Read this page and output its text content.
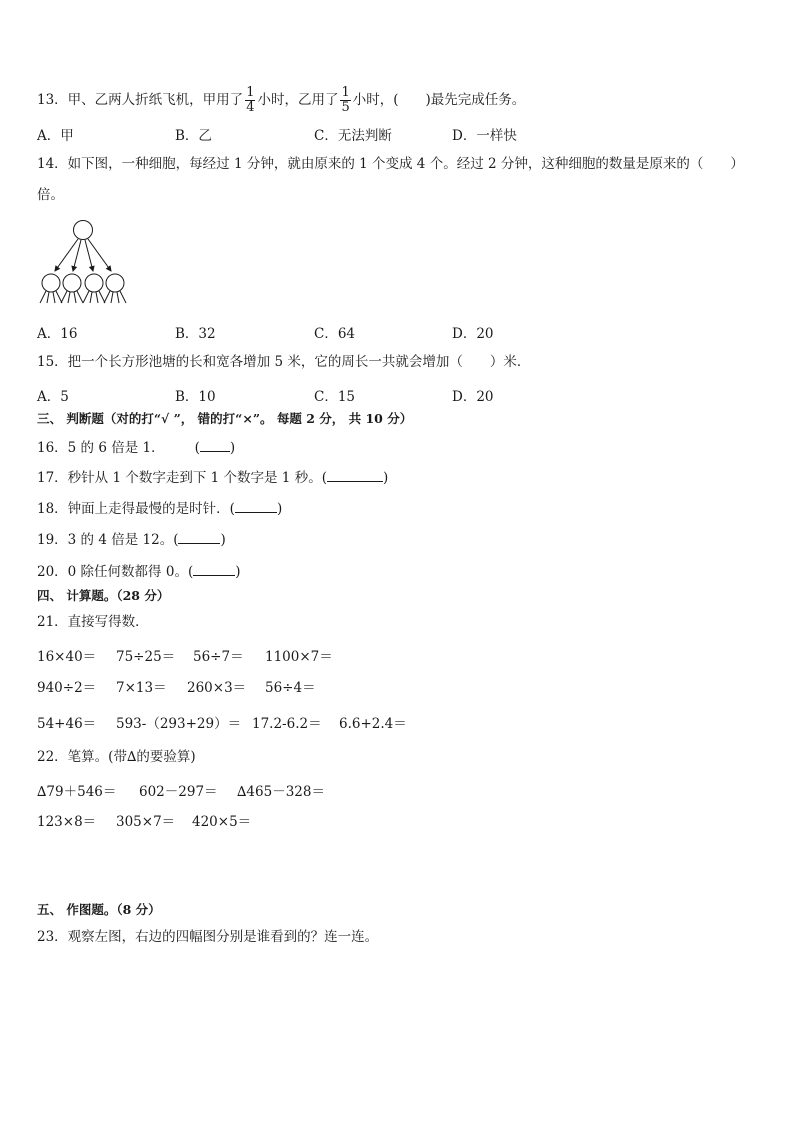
13．甲、乙两人折纸飞机，甲用了 $\frac{1}{4}$ 小时，乙用了 $\frac{1}{5}$ 小时，(　　)最先完成任务。
A．甲	B．乙	C．无法判断	D．一样快
14．如下图，一种细胞，每经过 1 分钟，就由原来的 1 个变成 4 个。经过 2 分钟，这种细胞的数量是原来的（　　）
倍。
A．16	B．32	C．64	D．20
15．把一个长方形池塘的长和宽各增加 5 米，它的周长一共就会增加（　　）米．
A．5	B．10	C．15	D．20
三、 判断题（对的打“√ ”， 错的打“×”。 每题 2 分， 共 10 分）
16．5 的 6 倍是 1． ( )
17．秒针从 1 个数字走到下 1 个数字是 1 秒。(	)
18．钟面上走得最慢的是时针．(	)
19．3 的 4 倍是 12。(	)
20．0 除任何数都得 0。(	)
四、 计算题。（28 分）
21．直接写得数．
16×40＝ 75÷25＝ 56÷7＝ 1100×7＝
940÷2＝ 7×13＝ 260×3＝ 56÷4＝
54+46＝ 593-（293+29）＝ 17.2-6.2＝ 6.6+2.4＝
22．笔算。(带∆的要验算)
∆79＋546＝ 602－297＝ ∆465－328＝
123×8＝ 305×7＝ 420×5＝
五、 作图题。（8 分）
23．观察左图，右边的四幅图分别是谁看到的？连一连。
